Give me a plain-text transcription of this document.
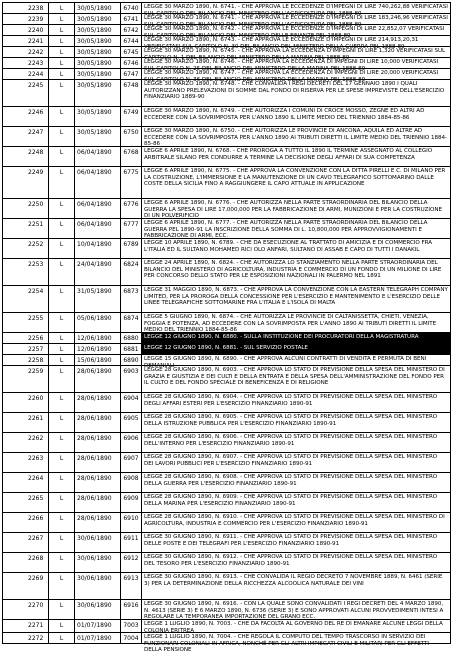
2238	L	30/05/1890	6740 LEGGE 30 MARZO 1890, N. 6741. - CHE APPROVA LE ECCEDENZE D'IMPEGNI DI LIRE 740,262,88 VERIFICATASI SUL CAPITOLO DEL BILANCIO DEL MINISTERO DELL'AGRICOLTURA PEL 1888-89
2239	L	30/05/1890	6741 LEGGE 30 MARZO 1890, N. 6741. - CHE APPROVA LE ECCEDENZE D'IMPEGNI DI LIRE 183,246,96 VERIFICATASI SUL CAPITOLO DEL BILANCIO DEL MINISTERO DELL'AGRICOLTURA PEL 1888-89
2240	L	30/05/1890	6742 LEGGE 30 MARZO 1890, N. 6742. - CHE APPROVA LE ECCEDENZE D'IMPEGNI DI LIRE 22,852,07 VERIFICATASI SUL CAPITOLO DEL BILANCIO DEL MINISTERO DELLE FINANZE PEL 1888-89
2241	L	30/05/1890	6744 LEGGE 30 MARZO 1890, N. 6743. - CHE APPROVA LE ECCEDENZE D'IMPEGNI DI LIRE 214,913,20,31 VERIFICATASI SUL CAPITOLO N. 30 DEL BILANCIO DEL MINISTERO DELLA GUERRA PEL 1888-89
2242	L	30/05/1890	6745 LEGGE 30 MARZO 1890, N. 6745. - CHE APPROVA LA ECCEDENZA D'IMPEGNI DI LIRE 1,320 VERIFICATASI SUL CAPITOLO N. 1 DEL BILANCIO DEL MINISTERO DELLA MARINA PEL 1888-89
2243	L	30/05/1890	6746 LEGGE 30 MARZO 1890, N. 6746. - CHE APPROVA LA ECCEDENZA DI IMPEGNI DI LIRE 10,000 VERIFICATASI SUL CAPITOLO N. 25 DEL BILANCIO DEL MINISTERO DELLA MARINA PEL 1888-89
2244	L	30/05/1890	6747 LEGGE 30 MARZO 1890, N. 6747. - CHE APPROVA LA ECCEDENZA DI IMPEGNI DI LIRE 20,000 VERIFICATASI SUL CAPITOLO N. 36 DEL BILANCIO DEL MINISTERO DELLA MARINA PEL 1888-89
2245	L	30/05/1890	6748 LEGGE 30 MARZO 1890, N. 6748. - CHE CONVALIDA I REGI DECRETI DEL 17 GENNAIO 1890 I QUALI AUTORIZZANO PRELEVAZIONI DI SOMME DAL FONDO DI RISERVA PER LE SPESE IMPREVISTE DELL'ESERCIZIO FINANZIARIO 1889-90
2246	L	30/05/1890	6749 LEGGE 30 MARZO 1890, N. 6749. - CHE AUTORIZZA I COMUNI DI CROCE MOSSO, ZEGNE ED ALTRI AD ECCEDERE CON LA SOVRIMPOSTA PER L'ANNO 1890 IL LIMITE MEDIO DEL TRIENNIO 1884-85-86
2247	L	30/05/1890	6750 LEGGE 30 MARZO 1890, N. 6750. - CHE AUTORIZZA LE PROVINCIE DI ANCONA, AQUILA ED ALTRE AD ECCEDERE CON LA SOVRIMPOSTA PER L'ANNO 1890 AI TRIBUTI DIRETTI IL LIMITE MEDIO DEL TRIENNIO 1884-85-86
2248	L	06/04/1890	6768 LEGGE 6 APRILE 1890, N. 6768. - CHE PROROGA A TUTTO IL 1890 IL TERMINE ASSEGNATO AL COLLEGIO ARBITRALE SILANO PER CONDURRE A TERMINE LA DECISIONE DEGLI AFFARI DI SUA COMPETENZA
2249	L	06/04/1890	6775 LEGGE 6 APRILE 1890, N. 6775. - CHE APPROVA LA CONVENZIONE CON LA DITTA PIRELLI E C. DI MILANO PER LA COSTRUZIONE, L'IMMERSIONE E LA MANUTENZIONE DI UN CAVO TELEGRAFICO SOTTOMARINO DALLE COSTE DELLA SICILIA FINO A RAGGIUNGERE IL CAPO ATTUALE IN APPLICAZIONE
2250	L	06/04/1890	6776 LEGGE 6 APRILE 1890, N. 6776. - CHE AUTORIZZA NELLA PARTE STRAORDINARIA DEL BILANCIO DELLA GUERRA LA SPESA DI LIRE 17,000,000 PER LA FABBRICAZIONE DI ARMI, MUNIZIONI E PER LA COSTRUZIONE DI UN POLVERIFICIO
2251	L	06/04/1890	6777 LEGGE 6 APRILE 1890, N. 6777. - CHE AUTORIZZA NELLA PARTE STRAORDINARIA DEL BILANCIO DELLA GUERRA PEL 1890-91 LA INSCRIZIONE DELLA SOMMA DI L. 10,800,000 PER APPROVVIGIONAMENTI E FABBRICAZIONE DI ARMI, ECC.
2252	L	10/04/1890	6789 LEGGE 10 APRILE 1890, N. 6789. - CHE DA ESECUZIONE AL TRATTATO DI AMICIZIA E DI COMMERCIO FRA L'ITALIA ED IL SULTANO MOHAMED RICI OLO ANFARI, SULTANO DI ASSAB E CAPO DI TUTTI I DANAKIL
2253	L	24/04/1890	6824 LEGGE 24 APRILE 1890, N. 6824. - CHE AUTORIZZA LO STANZIAMENTO NELLA PARTE STRAORDINARIA DEL BILANCIO DEL MINISTERO DI AGRICOLTURA, INDUSTRIA E COMMERCIO DI UN FONDO DI UN MILIONE DI LIRE PER CONCORSO DELLO STATO PER LE ESPOSIZIONI NAZIONALI IN PALERMO NEL 1891
2254	L	31/05/1890	6873 LEGGE 31 MAGGIO 1890, N. 6873. - CHE APPROVA LA CONVENZIONE CON LA EASTERN TELEGRAPH COMPANY LIMITED, PER LA PROROGA DELLA CONCESSIONE PER L'ESERCIZIO E MANTENIMENTO E L'ESERCIZIO DELLE LINEE TELEGRAFICHE SOTTOMARINE FRA L'ITALIA E L'ISOLA DI MALTA
2255	L	05/06/1890	6874 LEGGE 5 GIUGNO 1890, N. 6874. - CHE AUTORIZZA LE PROVINCIE DI CALTANISSETTA, CHIETI, VENEZIA, FOGGIA E POTENZA, AD ECCEDERE CON LA SOVRIMPOSTA PER L'ANNO 1890 AI TRIBUTI DIRETTI IL LIMITE MEDIO DEL TRIENNIO 1884-85-86
2256	L	12/06/1890	6880 LEGGE 12 GIUGNO 1890, N. 6880. - SULLA INSTITUZIONE DEI PROCURATORI DELLA MAGISTRATURA
2257	L	12/06/1890	6881 LEGGE 12 GIUGNO 1890, N. 6881. - SUL SERVIZIO POSTALE
2258	L	15/06/1890	6890 LEGGE 15 GIUGNO 1890, N. 6890. - CHE APPROVA ALCUNI CONTRATTI DI VENDITA E PERMUTA DI BENI DEMANIALI
2259	L	28/06/1890	6903 LEGGE 28 GIUGNO 1890, N. 6903. - CHE APPROVA LO STATO DI PREVISIONE DELLA SPESA DEL MINISTERO DI GRAZIA E GIUSTIZIA E DEI CULTI E DELLA ENTRATA E DELLA SPESA DELL'AMMINISTRAZIONE DEL FONDO PER IL CULTO E DEL FONDO SPECIALE DI BENEFICENZA E DI RELIGIONE
2260	L	28/06/1890	6904 LEGGE 28 GIUGNO 1890, N. 6904. - CHE APPROVA LO STATO DI PREVISIONE DELLA SPESA DEL MINISTERO DEGLI AFFARI ESTERI PER L'ESERCIZIO FINANZIARIO 1890-91
2261	L	28/06/1890	6905 LEGGE 28 GIUGNO 1890, N. 6905. - CHE APPROVA LO STATO DI PREVISIONE DELLA SPESA DEL MINISTERO DELLA ISTRUZIONE PUBBLICA PER L'ESERCIZIO FINANZIARIO 1890-91
2262	L	28/06/1890	6906 LEGGE 28 GIUGNO 1890, N. 6906. - CHE APPROVA LO STATO DI PREVISIONE DELLA SPESA DEL MINISTERO DELL'INTERNO PER L'ESERCIZIO FINANZIARIO 1890-91
2263	L	28/06/1890	6907 LEGGE 28 GIUGNO 1890, N. 6907. - CHE APPROVA LO STATO DI PREVISIONE DELLA SPESA DEL MINISTERO DEI LAVORI PUBBLICI PER L'ESERCIZIO FINANZIARIO 1890-91
2264	L	28/06/1890	6908 LEGGE 28 GIUGNO 1890, N. 6908. - CHE APPROVA LO STATO DI PREVISIONE DELLA SPESA DEL MINISTERO DELLA GUERRA PER L'ESERCIZIO FINANZIARIO 1890-91
2265	L	28/06/1890	6909 LEGGE 28 GIUGNO 1890, N. 6909. - CHE APPROVA LO STATO DI PREVISIONE DELLA SPESA DEL MINISTERO DELLA MARINA PER L'ESERCIZIO FINANZIARIO 1890-91
2266	L	28/06/1890	6910 LEGGE 28 GIUGNO 1890, N. 6910. - CHE APPROVA LO STATO DI PREVISIONE DELLA SPESA DEL MINISTERO DI AGRICOLTURA, INDUSTRIA E COMMERCIO PER L'ESERCIZIO FINANZIARIO 1890-91
2267	L	30/06/1890	6911 LEGGE 30 GIUGNO 1890, N. 6911. - CHE APPROVA LO STATO DI PREVISIONE DELLA SPESA DEL MINISTERO DELLE POSTE E DEI TELEGRAFI PER L'ESERCIZIO FINANZIARIO 1890-91
2268	L	30/06/1890	6912 LEGGE 30 GIUGNO 1890, N. 6912. - CHE APPROVA LO STATO DI PREVISIONE DELLA SPESA DEL MINISTERO DEL TESORO PER L'ESERCIZIO FINANZIARIO 1890-91
2269	L	30/06/1890	6913 LEGGE 30 GIUGNO 1890, N. 6913. - CHE CONVALIDA IL REGIO DECRETO 7 NOVEMBRE 1889, N. 6461 (SERIE 3) PER LA DETERMINAZIONE DELLA RICCHEZZA ALCOOLICA NATURALE DEI VINI
2270	L	30/06/1890	6916 LEGGE 30 GIUGNO 1890, N. 6916. - CON LA QUALE SONO CONVALIDATI I REGI DECRETI DEL 4 MARZO 1890, N. 4613 (SERIE 3) E 6 MARZO 1890, N. 6736 (SERIE 3) E SONO APPROVATI ALCUNI PROVVEDIMENTI INTESI A REGOLARE LA TEMPORANEA IMPORTAZIONE DEL GRANO ECC.
2271	L	01/07/1890	7003 LEGGE 1 LUGLIO 1890, N. 7003. - CHE DA FACOLTA AL GOVERNO DEL RE DI EMANARE ALCUNE LEGGI DELLA COLONIA ERITREA
2272	L	01/07/1890	7004 LEGGE 1 LUGLIO 1890, N. 7004. - CHE REGOLA IL COMPUTO DEL TEMPO TRASCORSO IN SERVIZIO DEI FUNZIONARI COLONIALI IN AFRICA, NONCHÉ PER GLI ALTRI IMPIEGATI CIVILI E MILITARI PER GLI EFFETTI DELLA PENSIONE
